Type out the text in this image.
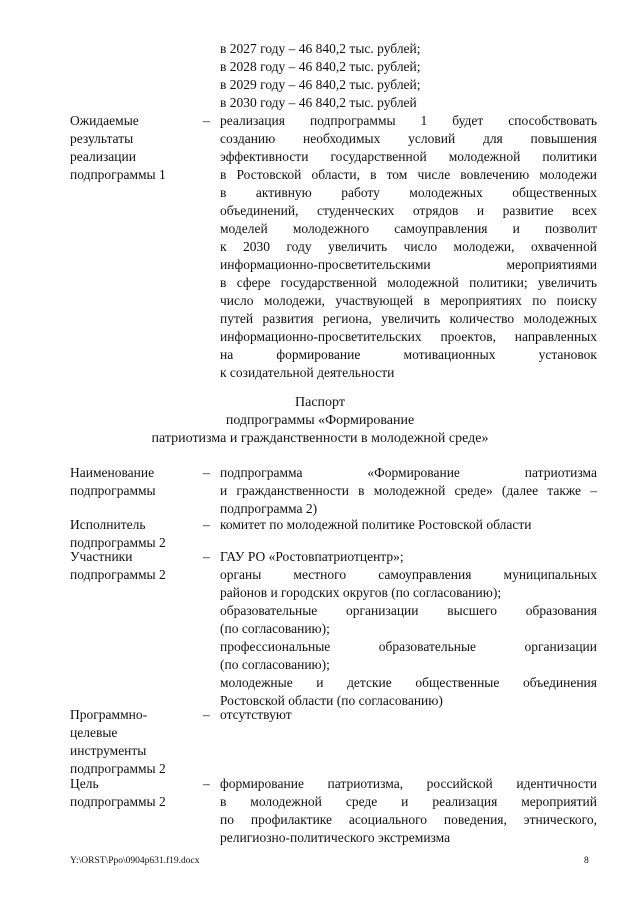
в 2027 году – 46 840,2 тыс. рублей;
в 2028 году – 46 840,2 тыс. рублей;
в 2029 году – 46 840,2 тыс. рублей;
в 2030 году – 46 840,2 тыс. рублей
Ожидаемые
результаты
реализации
подпрограммы 1
– реализация подпрограммы 1 будет способствовать
созданию необходимых условий для повышения
эффективности государственной молодежной политики
в Ростовской области, в том числе вовлечению молодежи
в активную работу молодежных общественных
объединений, студенческих отрядов и развитие всех
моделей молодежного самоуправления и позволит
к 2030 году увеличить число молодежи, охваченной
информационно-просветительскими мероприятиями
в сфере государственной молодежной политики; увеличить
число молодежи, участвующей в мероприятиях по поиску
путей развития региона, увеличить количество молодежных
информационно-просветительских проектов, направленных
на формирование мотивационных установок
к созидательной деятельности
Паспорт
подпрограммы «Формирование
патриотизма и гражданственности в молодежной среде»
Наименование
подпрограммы
– подпрограмма «Формирование патриотизма
и гражданственности в молодежной среде» (далее также –
подпрограмма 2)
Исполнитель
подпрограммы 2
– комитет по молодежной политике Ростовской области
Участники
подпрограммы 2
– ГАУ РО «Ростовпатриотцентр»;
органы местного самоуправления муниципальных
районов и городских округов (по согласованию);
образовательные организации высшего образования
(по согласованию);
профессиональные образовательные организации
(по согласованию);
молодежные и детские общественные объединения
Ростовской области (по согласованию)
Программно-
целевые
инструменты
подпрограммы 2
– отсутствуют
Цель
подпрограммы 2
– формирование патриотизма, российской идентичности
в молодежной среде и реализация мероприятий
по профилактике асоциального поведения, этнического,
религиозно-политического экстремизма
Y:\ORST\Ppo\0904p631.f19.docx	8
